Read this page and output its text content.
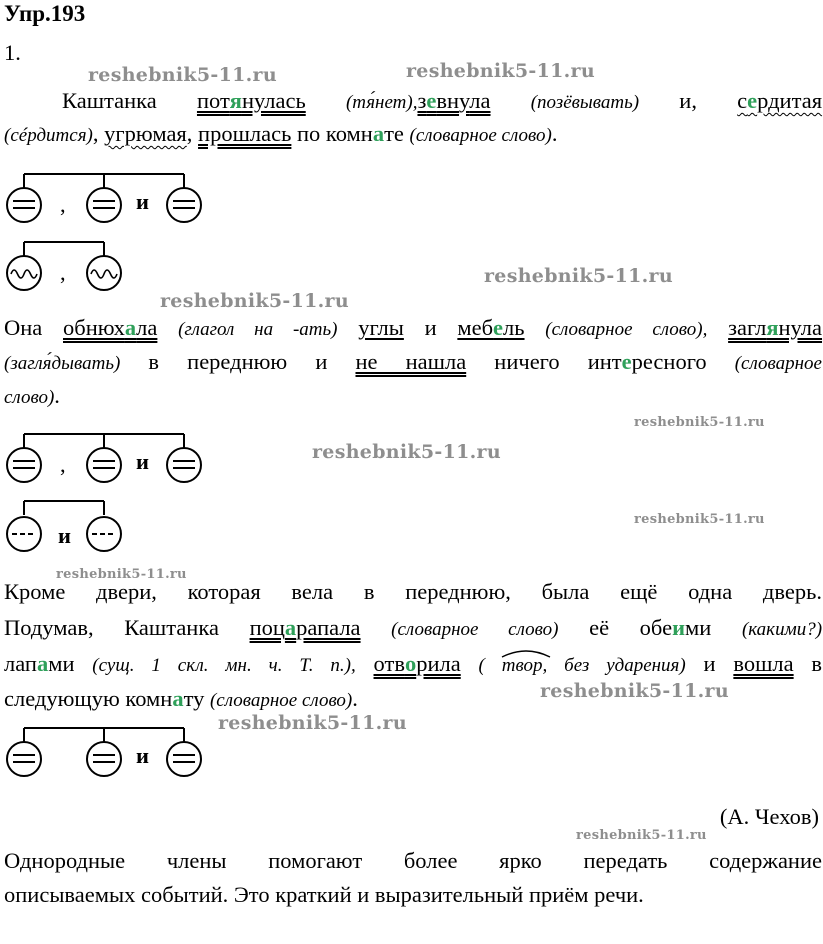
Упр.193
1.
reshebnik5-11.ru	reshebnik5-11.ru
reshebnik5-11.ru
reshebnik5-11.ru
reshebnik5-11.ru
reshebnik5-11.ru
reshebnik5-11.ru
reshebnik5-11.ru
reshebnik5-11.ru
reshebnik5-11.ru
reshebnik5-11.ru
Каштанка потянулась (тя́нет),зевнула (позёвывать) и, сердитая
(сéрдится), угрюмая, прошлась по комнате (словарное слово).
,	и
,
Она обнюхала (глагол на -ать) углы и мебель (словарное слово), заглянула
(загля́дывать) в переднюю и не нашла ничего интересного (словарное
слово).
,	и
и
Кроме двери, которая вела в переднюю, была ещё одна дверь.
Подумав, Каштанка поцарапала (словарное слово) её обеими (какими?)
лапами (сущ. 1 скл. мн. ч. Т. п.), отворила ( твор, без ударения) и вошла в
следующую комнату (словарное слово).
и
(А. Чехов)
Однородные члены помогают более ярко передать содержание
описываемых событий. Это краткий и выразительный приём речи.
